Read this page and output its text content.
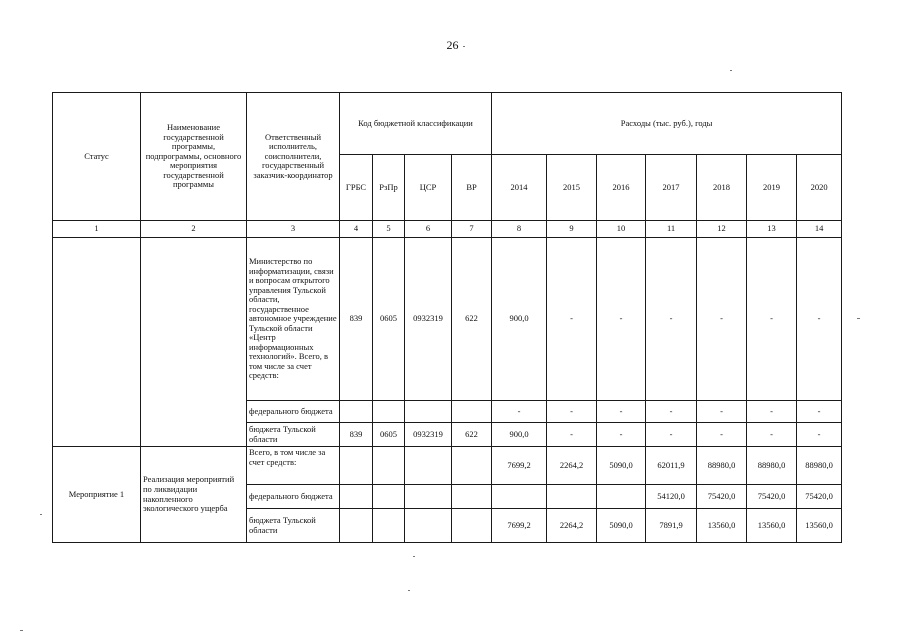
26
Статус	Наименование государственной программы, подпрограммы, основного мероприятия государственной программы	Ответственный исполнитель, соисполнители, государственный заказчик-координатор	Код бюджетной классификации				Расходы (тыс. руб.), годы						
			ГРБС	РзПр	ЦСР	ВР	2014	2015	2016	2017	2018	2019	2020
1	2	3	4	5	6	7	8	9	10	11	12	13	14
		Министерство по информатизации, связи и вопросам открытого управления Тульской области, государственное автономное учреждение Тульской области «Центр информационных технологий». Всего, в том числе за счет средств:	839	0605	0932319	622	900,0	-	-	-	-	-	-
		федерального бюджета					-	-	-	-	-	-	-
		бюджета Тульской области	839	0605	0932319	622	900,0	-	-	-	-	-	-
Мероприятие 1	Реализация мероприятий по ликвидации накопленного экологического ущерба	Всего, в том числе за счет средств:					7699,2	2264,2	5090,0	62011,9	88980,0	88980,0	88980,0
		федерального бюджета								54120,0	75420,0	75420,0	75420,0
		бюджета Тульской области					7699,2	2264,2	5090,0	7891,9	13560,0	13560,0	13560,0
